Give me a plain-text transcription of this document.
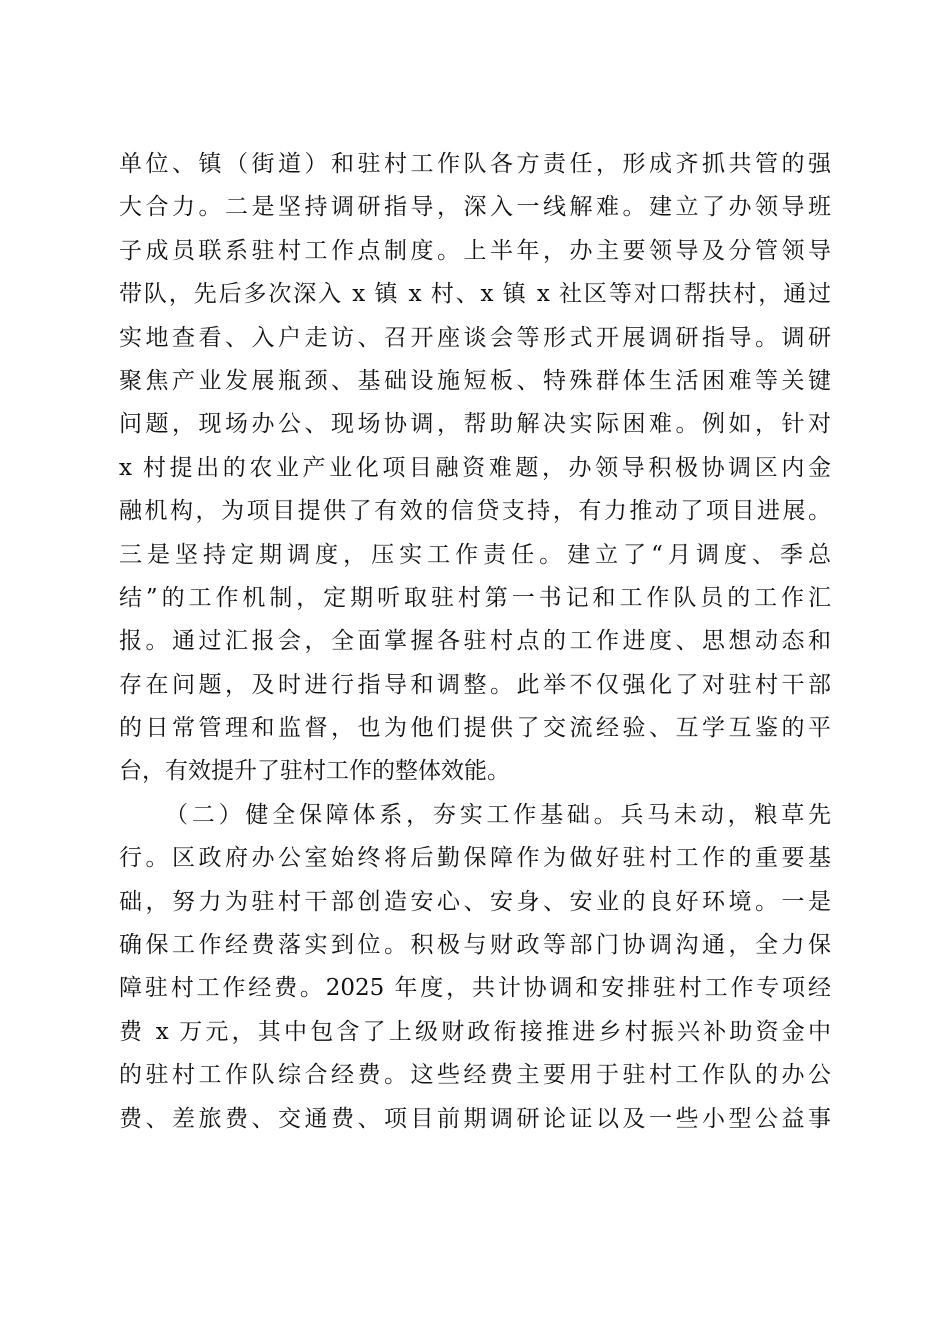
单位、镇（街道）和驻村工作队各方责任，形成齐抓共管的强
大合力。二是坚持调研指导，深入一线解难。建立了办领导班
子成员联系驻村工作点制度。上半年，办主要领导及分管领导
带队，先后多次深入 x 镇 x 村、x 镇 x 社区等对口帮扶村，通过
实地查看、入户走访、召开座谈会等形式开展调研指导。调研
聚焦产业发展瓶颈、基础设施短板、特殊群体生活困难等关键
问题，现场办公、现场协调，帮助解决实际困难。例如，针对
x 村提出的农业产业化项目融资难题，办领导积极协调区内金
融机构，为项目提供了有效的信贷支持，有力推动了项目进展。
三是坚持定期调度，压实工作责任。建立了“月调度、季总
结”的工作机制，定期听取驻村第一书记和工作队员的工作汇
报。通过汇报会，全面掌握各驻村点的工作进度、思想动态和
存在问题，及时进行指导和调整。此举不仅强化了对驻村干部
的日常管理和监督，也为他们提供了交流经验、互学互鉴的平
台，有效提升了驻村工作的整体效能。
（二）健全保障体系，夯实工作基础。兵马未动，粮草先
行。区政府办公室始终将后勤保障作为做好驻村工作的重要基
础，努力为驻村干部创造安心、安身、安业的良好环境。一是
确保工作经费落实到位。积极与财政等部门协调沟通，全力保
障驻村工作经费。2025 年度，共计协调和安排驻村工作专项经
费 x 万元，其中包含了上级财政衔接推进乡村振兴补助资金中
的驻村工作队综合经费。这些经费主要用于驻村工作队的办公
费、差旅费、交通费、项目前期调研论证以及一些小型公益事
